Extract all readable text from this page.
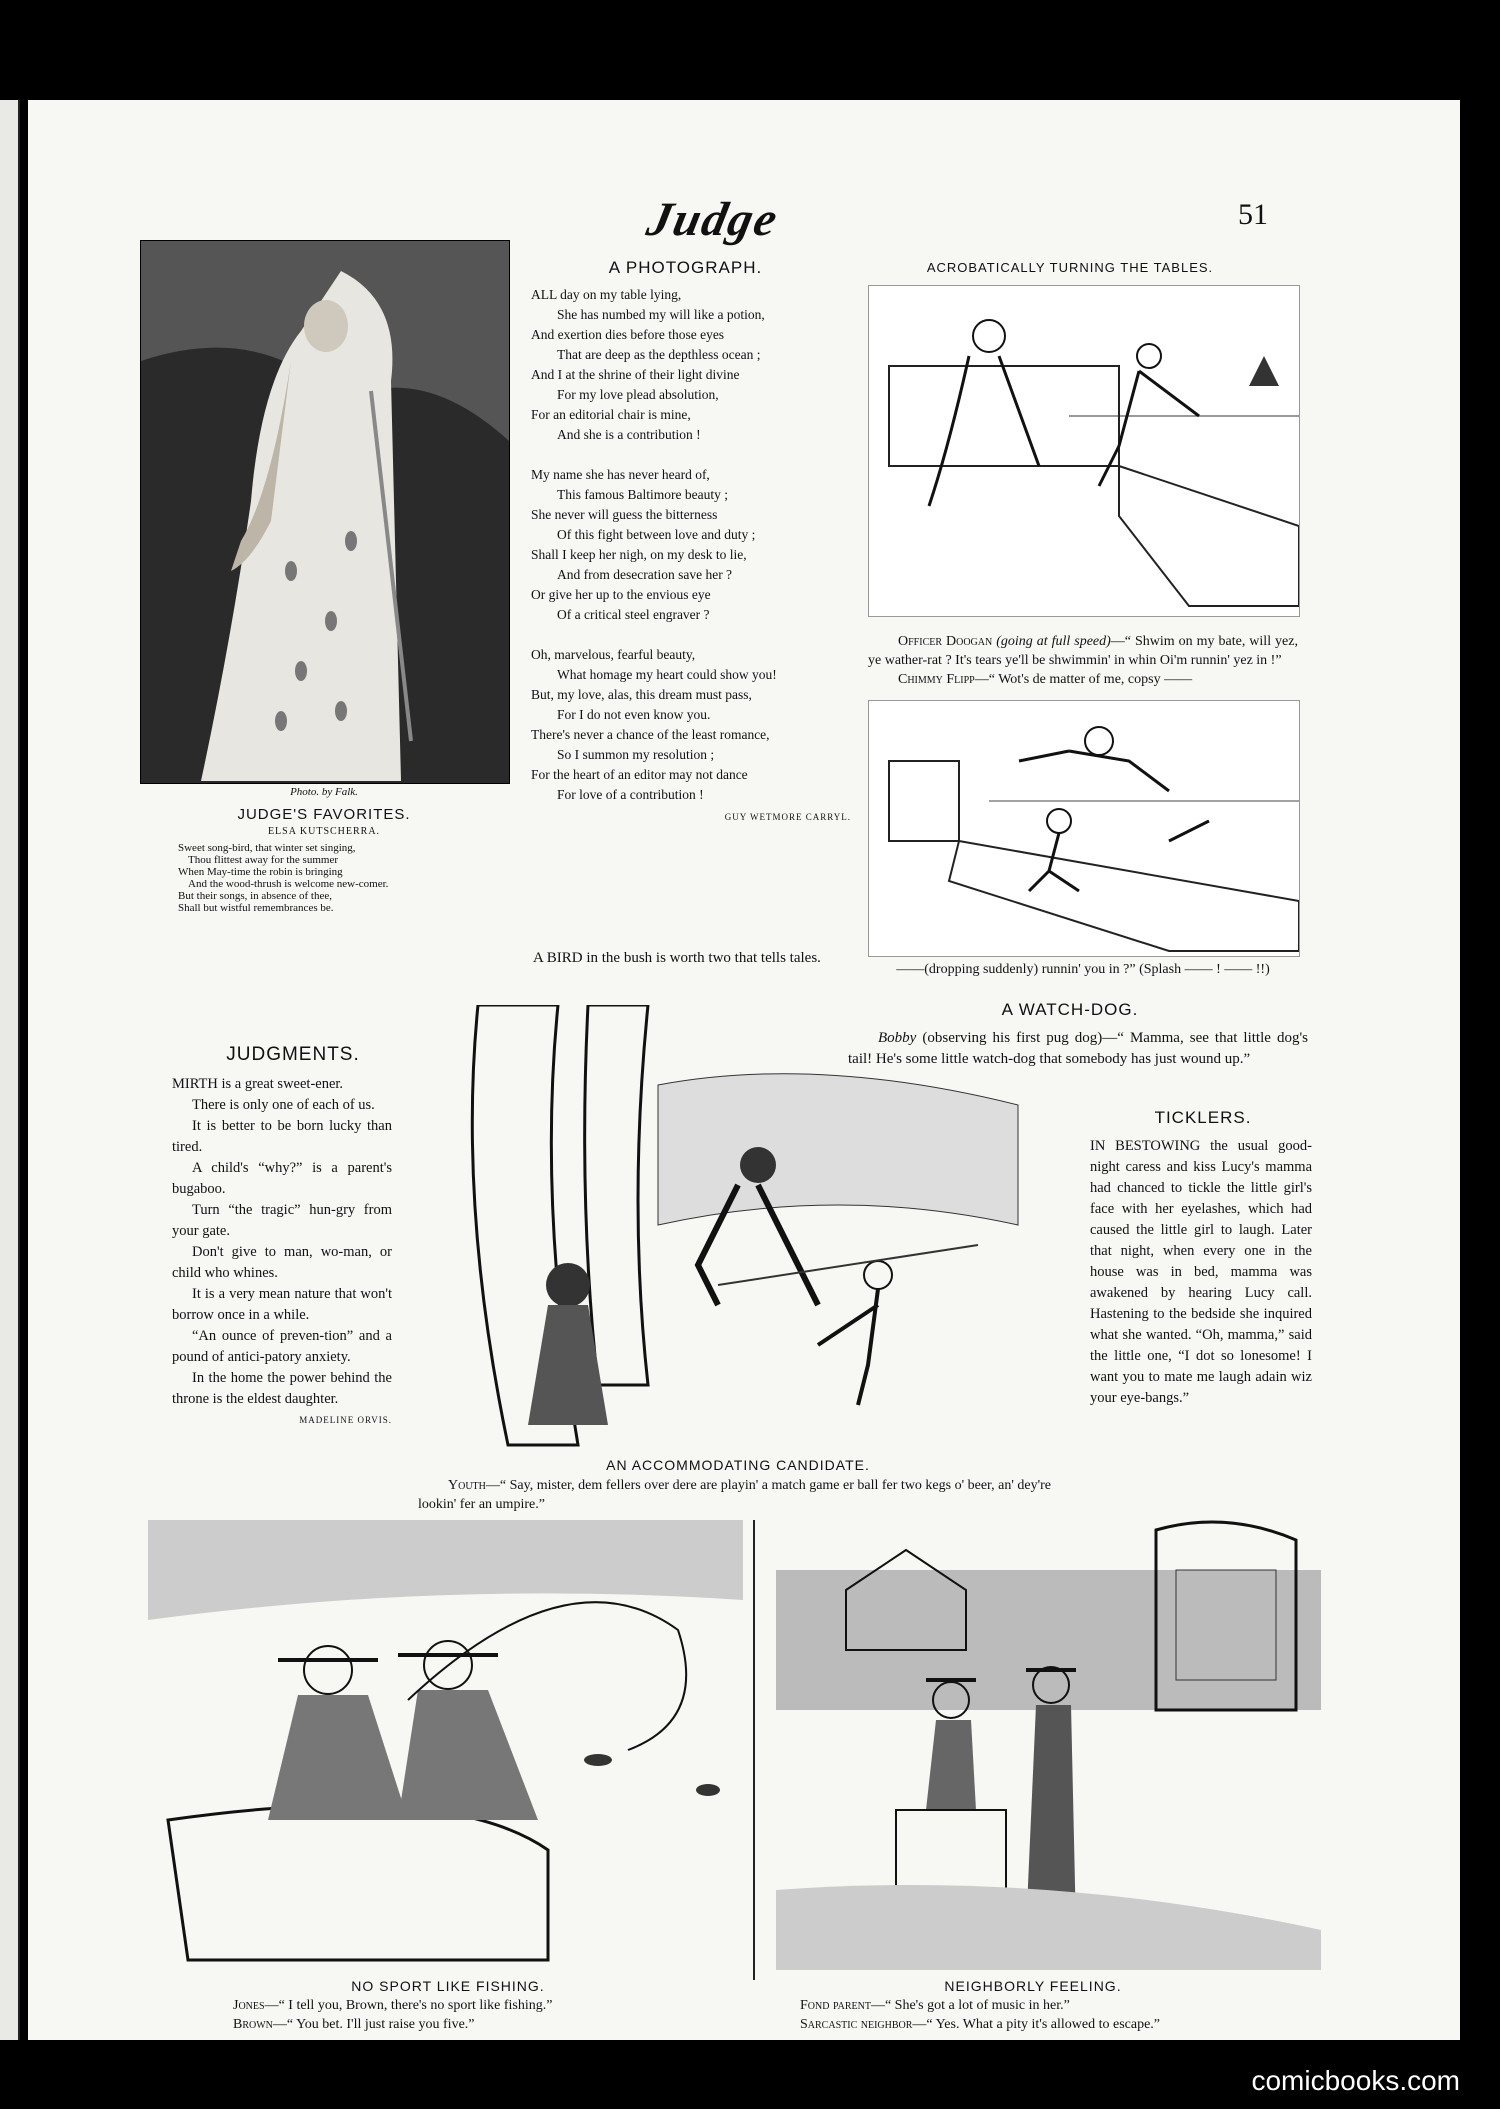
Judge	51
Photo. by Falk.
JUDGE'S FAVORITES.
ELSA KUTSCHERRA.
Sweet song-bird, that winter set singing,
Thou flittest away for the summer
When May-time the robin is bringing
And the wood-thrush is welcome new-comer.
But their songs, in absence of thee,
Shall but wistful remembrances be.
A PHOTOGRAPH.
ALL day on my table lying,
She has numbed my will like a potion,
And exertion dies before those eyes
That are deep as the depthless ocean ;
And I at the shrine of their light divine
For my love plead absolution,
For an editorial chair is mine,
And she is a contribution !
My name she has never heard of,
This famous Baltimore beauty ;
She never will guess the bitterness
Of this fight between love and duty ;
Shall I keep her nigh, on my desk to lie,
And from desecration save her ?
Or give her up to the envious eye
Of a critical steel engraver ?
Oh, marvelous, fearful beauty,
What homage my heart could show you!
But, my love, alas, this dream must pass,
For I do not even know you.
There's never a chance of the least romance,
So I summon my resolution ;
For the heart of an editor may not dance
For love of a contribution !
GUY WETMORE CARRYL.
A BIRD in the bush is worth two that tells tales.
ACROBATICALLY TURNING THE TABLES.
Officer Doogan (going at full speed)—“ Shwim on my bate, will yez, ye wather-rat ? It's tears ye'll be shwimmin' in whin Oi'm runnin' yez in !”
Chimmy Flipp—“ Wot's de matter of me, copsy ——
——(dropping suddenly) runnin' you in ?” (Splash —— ! —— !!)
A WATCH-DOG.
Bobby (observing his first pug dog)—“ Mamma, see that little dog's tail! He's some little watch-dog that somebody has just wound up.”
TICKLERS.
IN BESTOWING the usual good-night caress and kiss Lucy's mamma had chanced to tickle the little girl's face with her eyelashes, which had caused the little girl to laugh. Later that night, when every one in the house was in bed, mamma was awakened by hearing Lucy call. Hastening to the bedside she inquired what she wanted. “Oh, mamma,” said the little one, “I dot so lonesome! I want you to mate me laugh adain wiz your eye-bangs.”
JUDGMENTS.

MIRTH is a great sweet-ener.

There is only one of each of us.

It is better to be born lucky than tired.

A child's “why?” is a parent's bugaboo.

Turn “the tragic” hun-gry from your gate.

Don't give to man, wo-man, or child who whines.

It is a very mean nature that won't borrow once in a while.

“An ounce of preven-tion” and a pound of antici-patory anxiety.

In the home the power behind the throne is the eldest daughter.

MADELINE ORVIS.
AN ACCOMMODATING CANDIDATE.
Youth—“ Say, mister, dem fellers over dere are playin' a match game er ball fer two kegs o' beer, an' dey're lookin' fer an umpire.”
NO SPORT LIKE FISHING.
Jones—“ I tell you, Brown, there's no sport like fishing.”
Brown—“ You bet. I'll just raise you five.”
NEIGHBORLY FEELING.
Fond parent—“ She's got a lot of music in her.”
Sarcastic neighbor—“ Yes. What a pity it's allowed to escape.”
comicbooks.com
